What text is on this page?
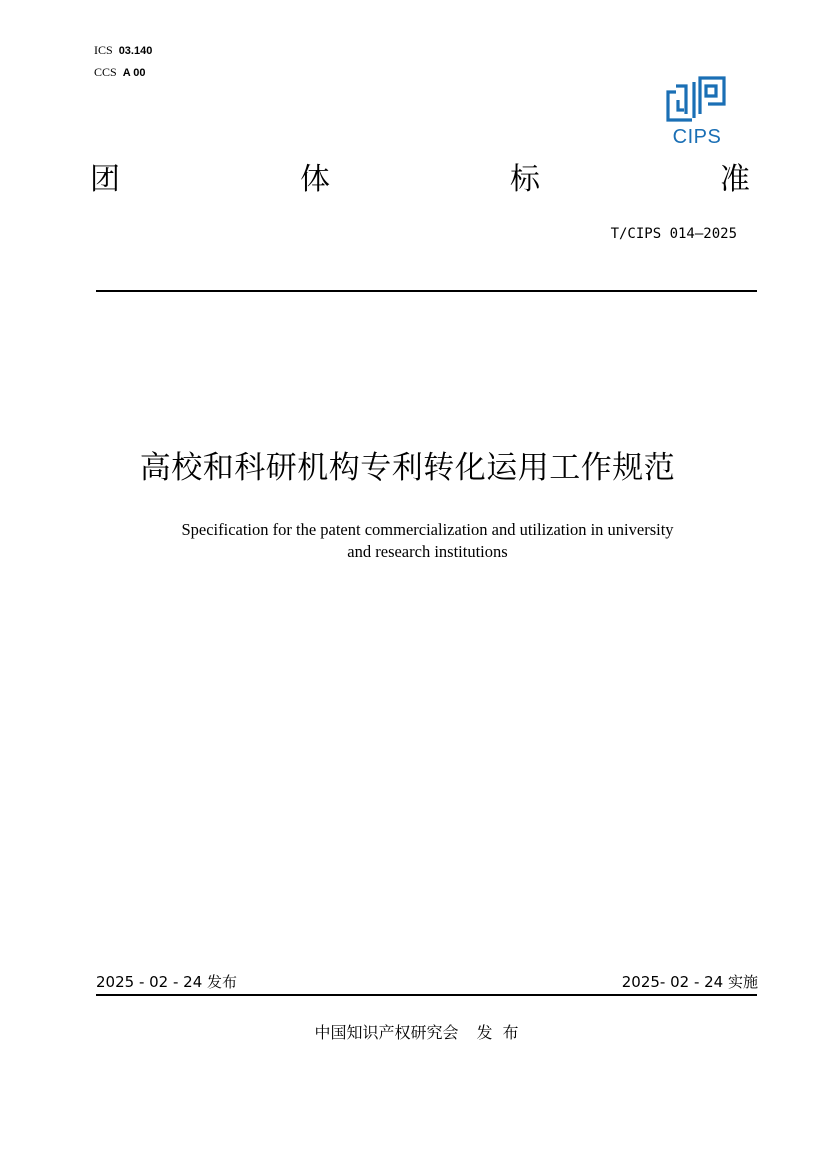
ICS 03.140
CCS A 00
CIPS
团	体	标	准
T/CIPS 014—2025
高校和科研机构专利转化运用工作规范
Specification for the patent commercialization and utilization in university
and research institutions
2025 - 02 - 24 发布	2025- 02 - 24 实施
中国知识产权研究会 发布
